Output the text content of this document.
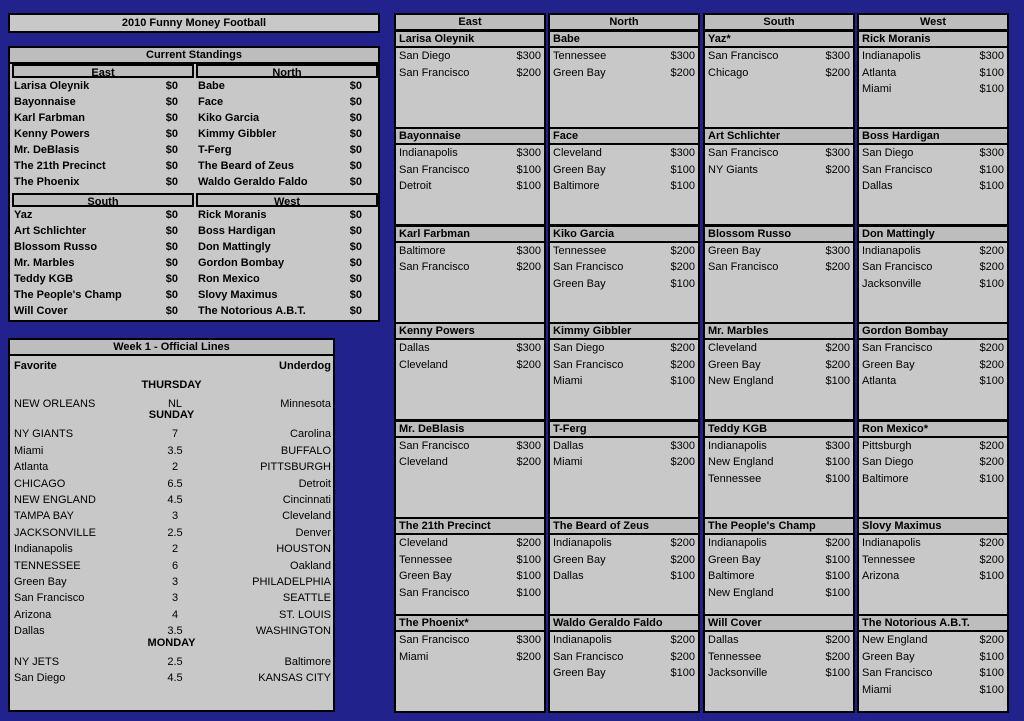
2010 Funny Money Football
Current Standings
East
Larisa Oleynik	$0
Bayonnaise	$0
Karl Farbman	$0
Kenny Powers	$0
Mr. DeBlasis	$0
The 21th Precinct	$0
The Phoenix	$0
North
Babe	$0
Face	$0
Kiko Garcia	$0
Kimmy Gibbler	$0
T-Ferg	$0
The Beard of Zeus	$0
Waldo Geraldo Faldo	$0
South
Yaz	$0
Art Schlichter	$0
Blossom Russo	$0
Mr. Marbles	$0
Teddy KGB	$0
The People's Champ	$0
Will Cover	$0
West
Rick Moranis	$0
Boss Hardigan	$0
Don Mattingly	$0
Gordon Bombay	$0
Ron Mexico	$0
Slovy Maximus	$0
The Notorious A.B.T.	$0
Week 1 - Official Lines
Favorite	Underdog
THURSDAY
NEW ORLEANS	NL	Minnesota
SUNDAY
NY GIANTS	7	Carolina
Miami	3.5	BUFFALO
Atlanta	2	PITTSBURGH
CHICAGO	6.5	Detroit
NEW ENGLAND	4.5	Cincinnati
TAMPA BAY	3	Cleveland
JACKSONVILLE	2.5	Denver
Indianapolis	2	HOUSTON
TENNESSEE	6	Oakland
Green Bay	3	PHILADELPHIA
San Francisco	3	SEATTLE
Arizona	4	ST. LOUIS
Dallas	3.5	WASHINGTON
MONDAY
NY JETS	2.5	Baltimore
San Diego	4.5	KANSAS CITY
East
Larisa Oleynik
San Diego	$300
San Francisco	$200
Bayonnaise
Indianapolis	$300
San Francisco	$100
Detroit	$100
Karl Farbman
Baltimore	$300
San Francisco	$200
Kenny Powers
Dallas	$300
Cleveland	$200
Mr. DeBlasis
San Francisco	$300
Cleveland	$200
The 21th Precinct
Cleveland	$200
Tennessee	$100
Green Bay	$100
San Francisco	$100
The Phoenix*
San Francisco	$300
Miami	$200
North
Babe
Tennessee	$300
Green Bay	$200
Face
Cleveland	$300
Green Bay	$100
Baltimore	$100
Kiko Garcia
Tennessee	$200
San Francisco	$200
Green Bay	$100
Kimmy Gibbler
San Diego	$200
San Francisco	$200
Miami	$100
T-Ferg
Dallas	$300
Miami	$200
The Beard of Zeus
Indianapolis	$200
Green Bay	$200
Dallas	$100
Waldo Geraldo Faldo
Indianapolis	$200
San Francisco	$200
Green Bay	$100
South
Yaz*
San Francisco	$300
Chicago	$200
Art Schlichter
San Francisco	$300
NY Giants	$200
Blossom Russo
Green Bay	$300
San Francisco	$200
Mr. Marbles
Cleveland	$200
Green Bay	$200
New England	$100
Teddy KGB
Indianapolis	$300
New England	$100
Tennessee	$100
The People's Champ
Indianapolis	$200
Green Bay	$100
Baltimore	$100
New England	$100
Will Cover
Dallas	$200
Tennessee	$200
Jacksonville	$100
West
Rick Moranis
Indianapolis	$300
Atlanta	$100
Miami	$100
Boss Hardigan
San Diego	$300
San Francisco	$100
Dallas	$100
Don Mattingly
Indianapolis	$200
San Francisco	$200
Jacksonville	$100
Gordon Bombay
San Francisco	$200
Green Bay	$200
Atlanta	$100
Ron Mexico*
Pittsburgh	$200
San Diego	$200
Baltimore	$100
Slovy Maximus
Indianapolis	$200
Tennessee	$200
Arizona	$100
The Notorious A.B.T.
New England	$200
Green Bay	$100
San Francisco	$100
Miami	$100
